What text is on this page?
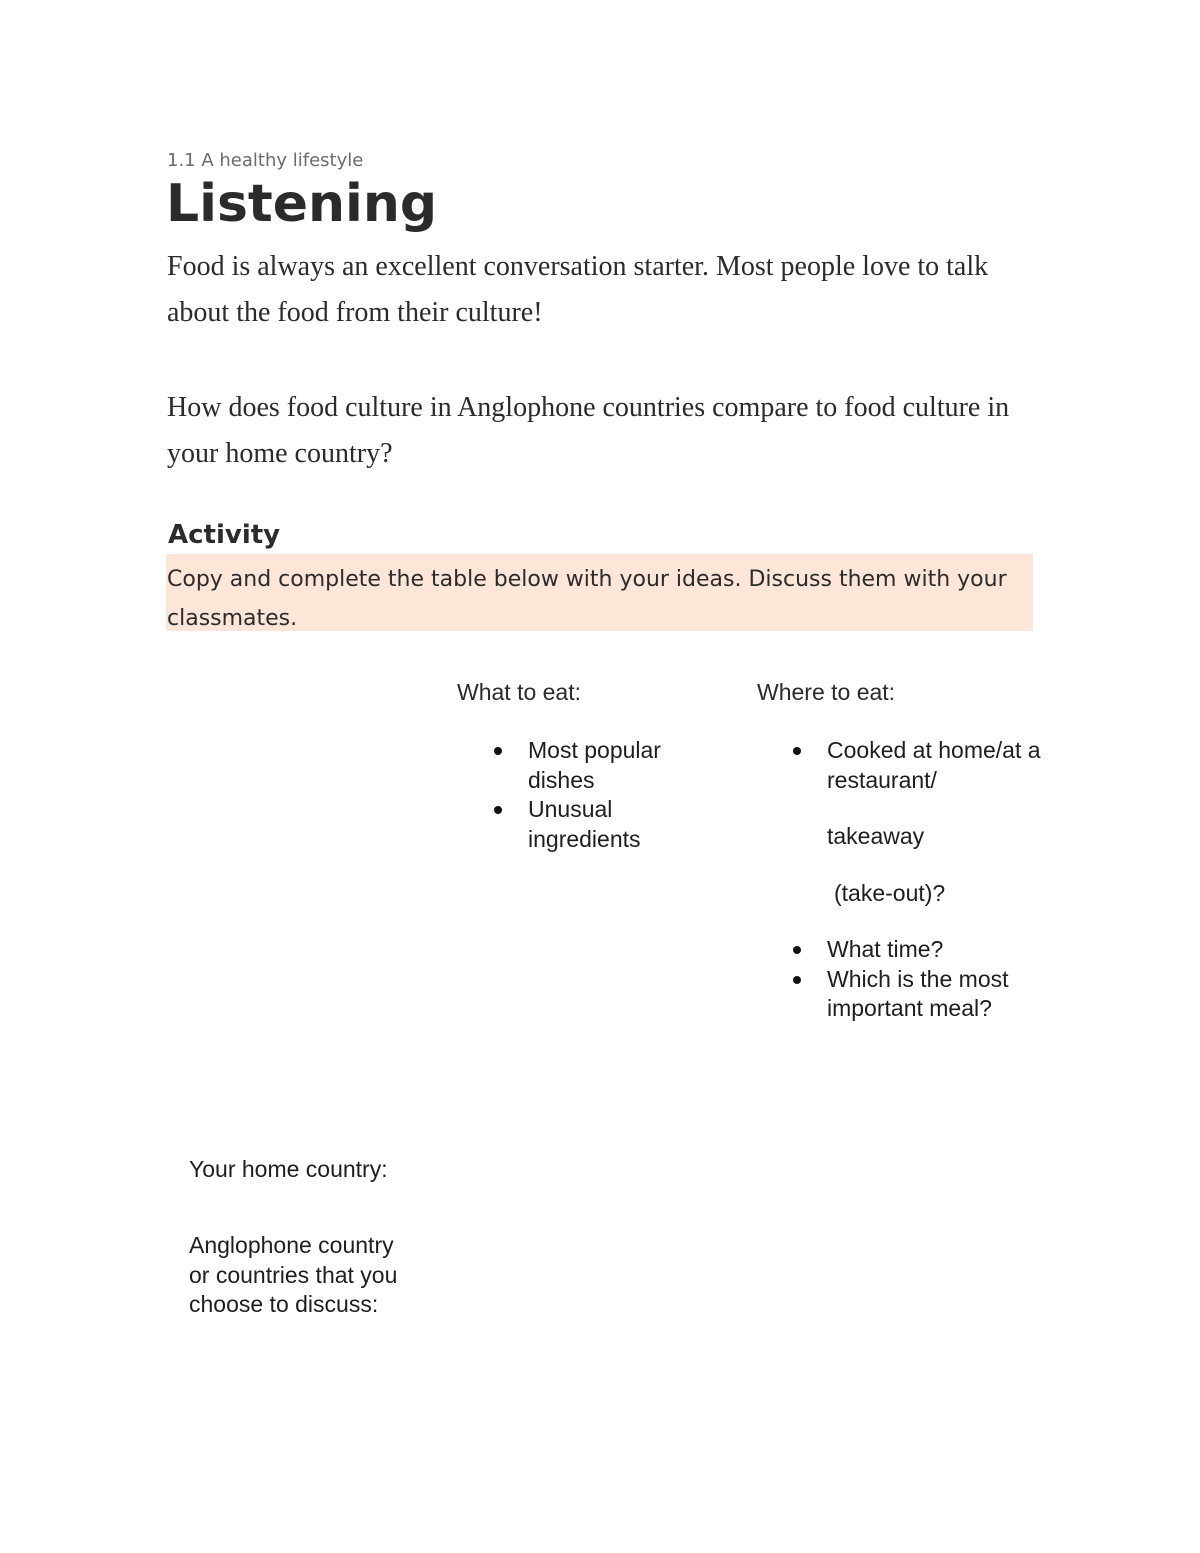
1.1 A healthy lifestyle
Listening

Food is always an excellent conversation starter. Most people love to talk about the food from their culture!

How does food culture in Anglophone countries compare to food culture in your home country?

Activity
Copy and complete the table below with your ideas. Discuss them with your classmates.
What to eat:	Where to eat:
Most popular dishes
Unusual ingredients
Cooked at home/at a restaurant/
takeaway
(take-out)?
What time?
Which is the most important meal?
Your home country:
Anglophone country or countries that you choose to discuss:
